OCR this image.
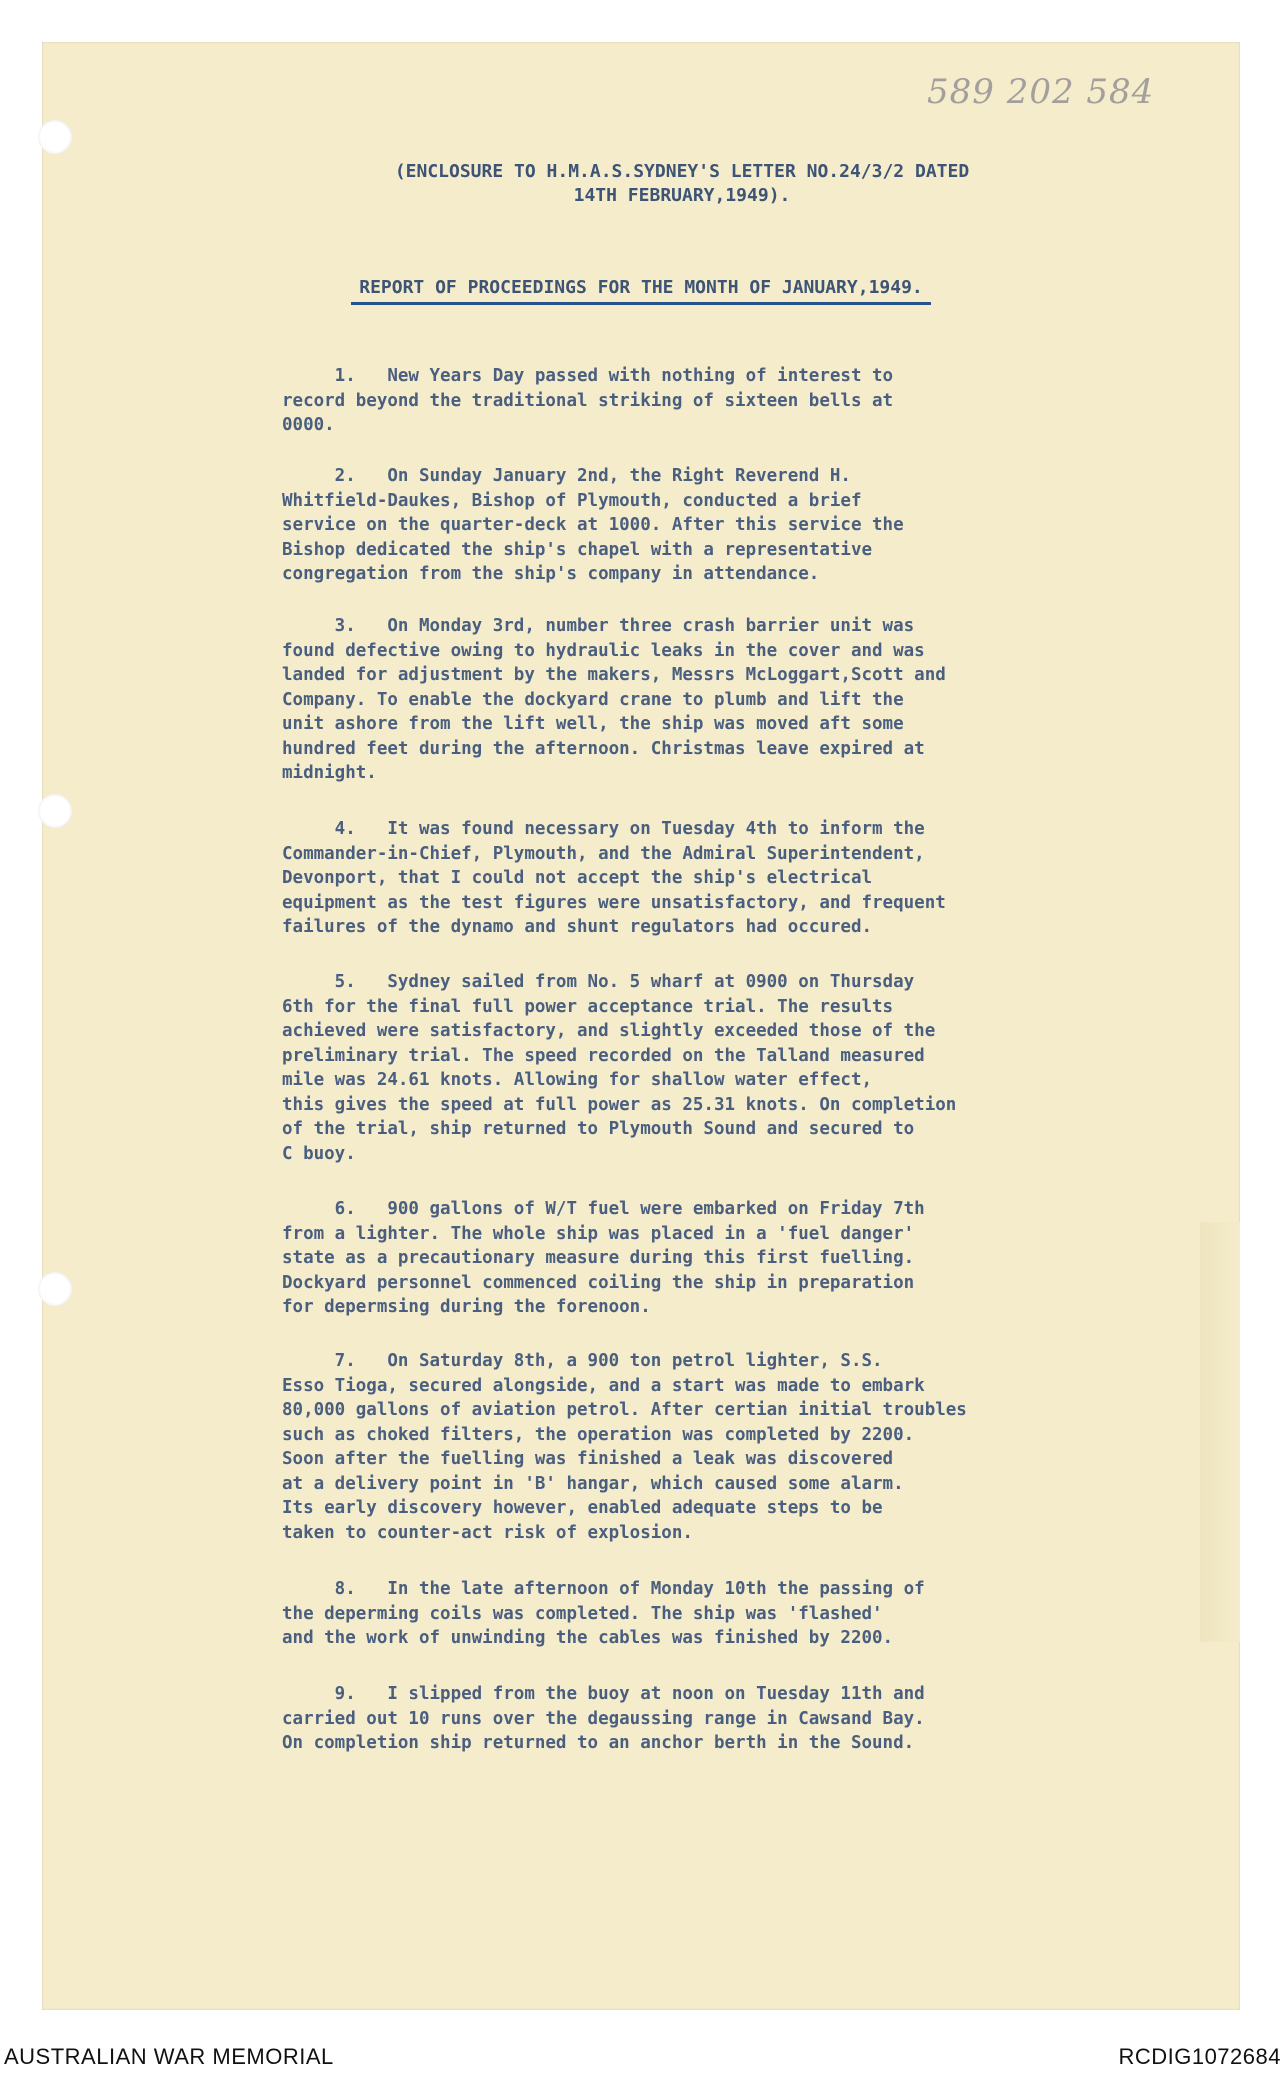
589 202 584
(ENCLOSURE TO H.M.A.S.SYDNEY'S LETTER NO.24/3/2 DATED
14TH FEBRUARY,1949).
REPORT OF PROCEEDINGS FOR THE MONTH OF JANUARY,1949.
1.   New Years Day passed with nothing of interest to
record beyond the traditional striking of sixteen bells at
0000.
2.   On Sunday January 2nd, the Right Reverend H.
Whitfield-Daukes, Bishop of Plymouth, conducted a brief
service on the quarter-deck at 1000. After this service the
Bishop dedicated the ship's chapel with a representative
congregation from the ship's company in attendance.
3.   On Monday 3rd, number three crash barrier unit was
found defective owing to hydraulic leaks in the cover and was
landed for adjustment by the makers, Messrs McLoggart,Scott and
Company. To enable the dockyard crane to plumb and lift the
unit ashore from the lift well, the ship was moved aft some
hundred feet during the afternoon. Christmas leave expired at
midnight.
4.   It was found necessary on Tuesday 4th to inform the
Commander-in-Chief, Plymouth, and the Admiral Superintendent,
Devonport, that I could not accept the ship's electrical
equipment as the test figures were unsatisfactory, and frequent
failures of the dynamo and shunt regulators had occured.
5.   Sydney sailed from No. 5 wharf at 0900 on Thursday
6th for the final full power acceptance trial. The results
achieved were satisfactory, and slightly exceeded those of the
preliminary trial. The speed recorded on the Talland measured
mile was 24.61 knots. Allowing for shallow water effect,
this gives the speed at full power as 25.31 knots. On completion
of the trial, ship returned to Plymouth Sound and secured to
C buoy.
6.   900 gallons of W/T fuel were embarked on Friday 7th
from a lighter. The whole ship was placed in a 'fuel danger'
state as a precautionary measure during this first fuelling.
Dockyard personnel commenced coiling the ship in preparation
for depermsing during the forenoon.
7.   On Saturday 8th, a 900 ton petrol lighter, S.S.
Esso Tioga, secured alongside, and a start was made to embark
80,000 gallons of aviation petrol. After certian initial troubles
such as choked filters, the operation was completed by 2200.
Soon after the fuelling was finished a leak was discovered
at a delivery point in 'B' hangar, which caused some alarm.
Its early discovery however, enabled adequate steps to be
taken to counter-act risk of explosion.
8.   In the late afternoon of Monday 10th the passing of
the deperming coils was completed. The ship was 'flashed'
and the work of unwinding the cables was finished by 2200.
9.   I slipped from the buoy at noon on Tuesday 11th and
carried out 10 runs over the degaussing range in Cawsand Bay.
On completion ship returned to an anchor berth in the Sound.
AUSTRALIAN WAR MEMORIAL	RCDIG1072684
